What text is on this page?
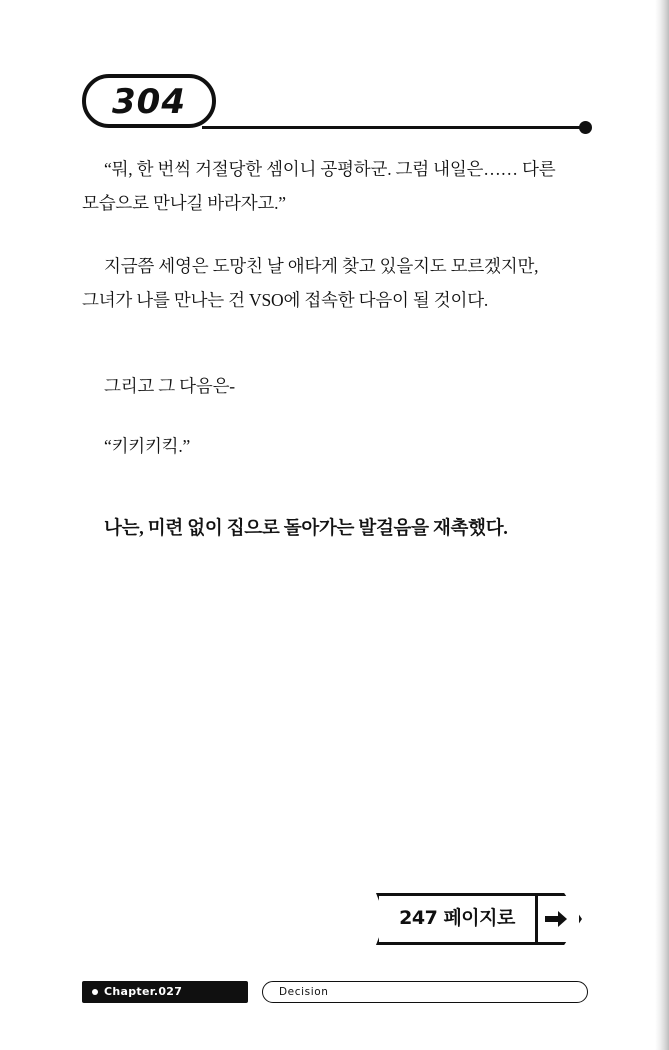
304

“뭐, 한 번씩 거절당한 셈이니 공평하군. 그럼 내일은…… 다른 모습으로 만나길 바라자고.”

지금쯤 세영은 도망친 날 애타게 찾고 있을지도 모르겠지만, 그녀가 나를 만나는 건 VSO에 접속한 다음이 될 것이다.

그리고 그 다음은-

“키키키킥.”

나는, 미련 없이 집으로 돌아가는 발걸음을 재촉했다.

247 페이지로
Chapter.027	Decision
